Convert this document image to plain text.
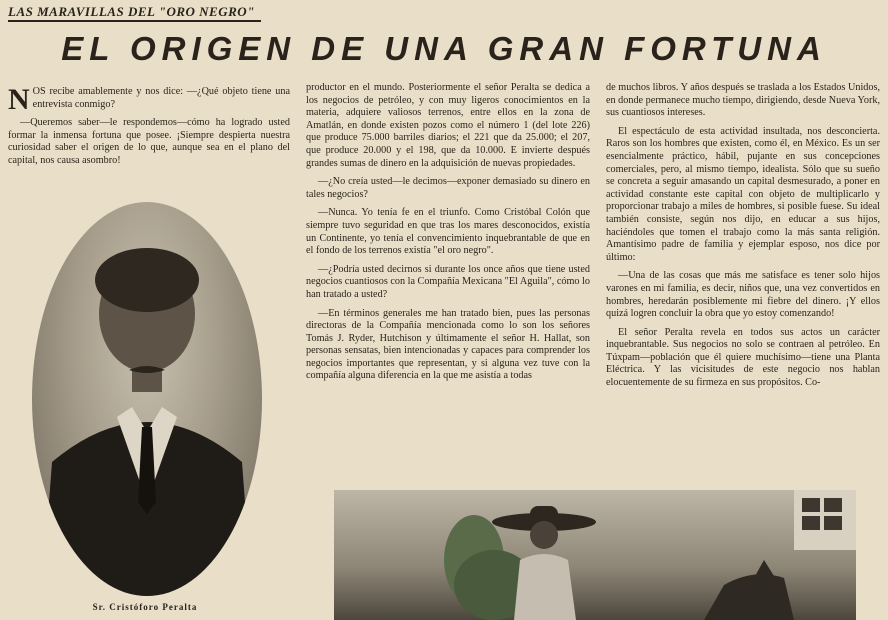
LAS MARAVILLAS DEL "ORO NEGRO"
EL ORIGEN DE UNA GRAN FORTUNA

NOS recibe amablemente y nos dice: —¿Qué objeto tiene una entrevista conmigo?

—Queremos saber—le respondemos—cómo ha logrado usted formar la inmensa fortuna que posee. ¡Siempre despierta nuestra curiosidad saber el origen de lo que, aunque sea en el plano del capital, nos causa asombro!

Sr. Cristóforo Peralta

productor en el mundo. Posteriormente el señor Peralta se dedica a los negocios de petróleo, y con muy ligeros conocimientos en la materia, adquiere valiosos terrenos, entre ellos en la zona de Amatlán, en donde existen pozos como el número 1 (del lote 226) que produce 75.000 barriles diarios; el 221 que da 25.000; el 207, que produce 20.000 y el 198, que da 10.000. E invierte después grandes sumas de dinero en la adquisición de nuevas propiedades.

—¿No creía usted—le decimos—exponer demasiado su dinero en tales negocios?

—Nunca. Yo tenía fe en el triunfo. Como Cristóbal Colón que siempre tuvo seguridad en que tras los mares desconocidos, existía un Continente, yo tenía el convencimiento inquebrantable de que en el fondo de los terrenos existía "el oro negro".

—¿Podría usted decirnos si durante los once años que tiene usted negocios cuantiosos con la Compañía Mexicana "El Aguila", cómo lo han tratado a usted?

—En términos generales me han tratado bien, pues las personas directoras de la Compañía mencionada como lo son los señores Tomás J. Ryder, Hutchison y últimamente el señor H. Hallat, son personas sensatas, bien intencionadas y capaces para comprender los negocios importantes que representan, y si alguna vez tuve con la compañía alguna diferencia en la que me asistía a todas

de muchos libros. Y años después se traslada a los Estados Unidos, en donde permanece mucho tiempo, dirigiendo, desde Nueva York, sus cuantiosos intereses.

El espectáculo de esta actividad insultada, nos desconcierta. Raros son los hombres que existen, como él, en México. Es un ser esencialmente práctico, hábil, pujante en sus concepciones comerciales, pero, al mismo tiempo, idealista. Sólo que su sueño se concreta a seguir amasando un capital desmesurado, a poner en actividad constante este capital con objeto de multiplicarlo y proporcionar trabajo a miles de hombres, si posible fuese. Su ideal también consiste, según nos dijo, en educar a sus hijos, haciéndoles que tomen el trabajo como la más santa religión. Amantísimo padre de familia y ejemplar esposo, nos dice por último:

—Una de las cosas que más me satisface es tener solo hijos varones en mi familia, es decir, niños que, una vez convertidos en hombres, heredarán posiblemente mi fiebre del dinero. ¡Y ellos quizá logren concluir la obra que yo estoy comenzando!

El señor Peralta revela en todos sus actos un carácter inquebrantable. Sus negocios no solo se contraen al petróleo. En Túxpam—población que él quiere muchísimo—tiene una Planta Eléctrica. Y las vicisitudes de este negocio nos hablan elocuentemente de su firmeza en sus propósitos. Co-
